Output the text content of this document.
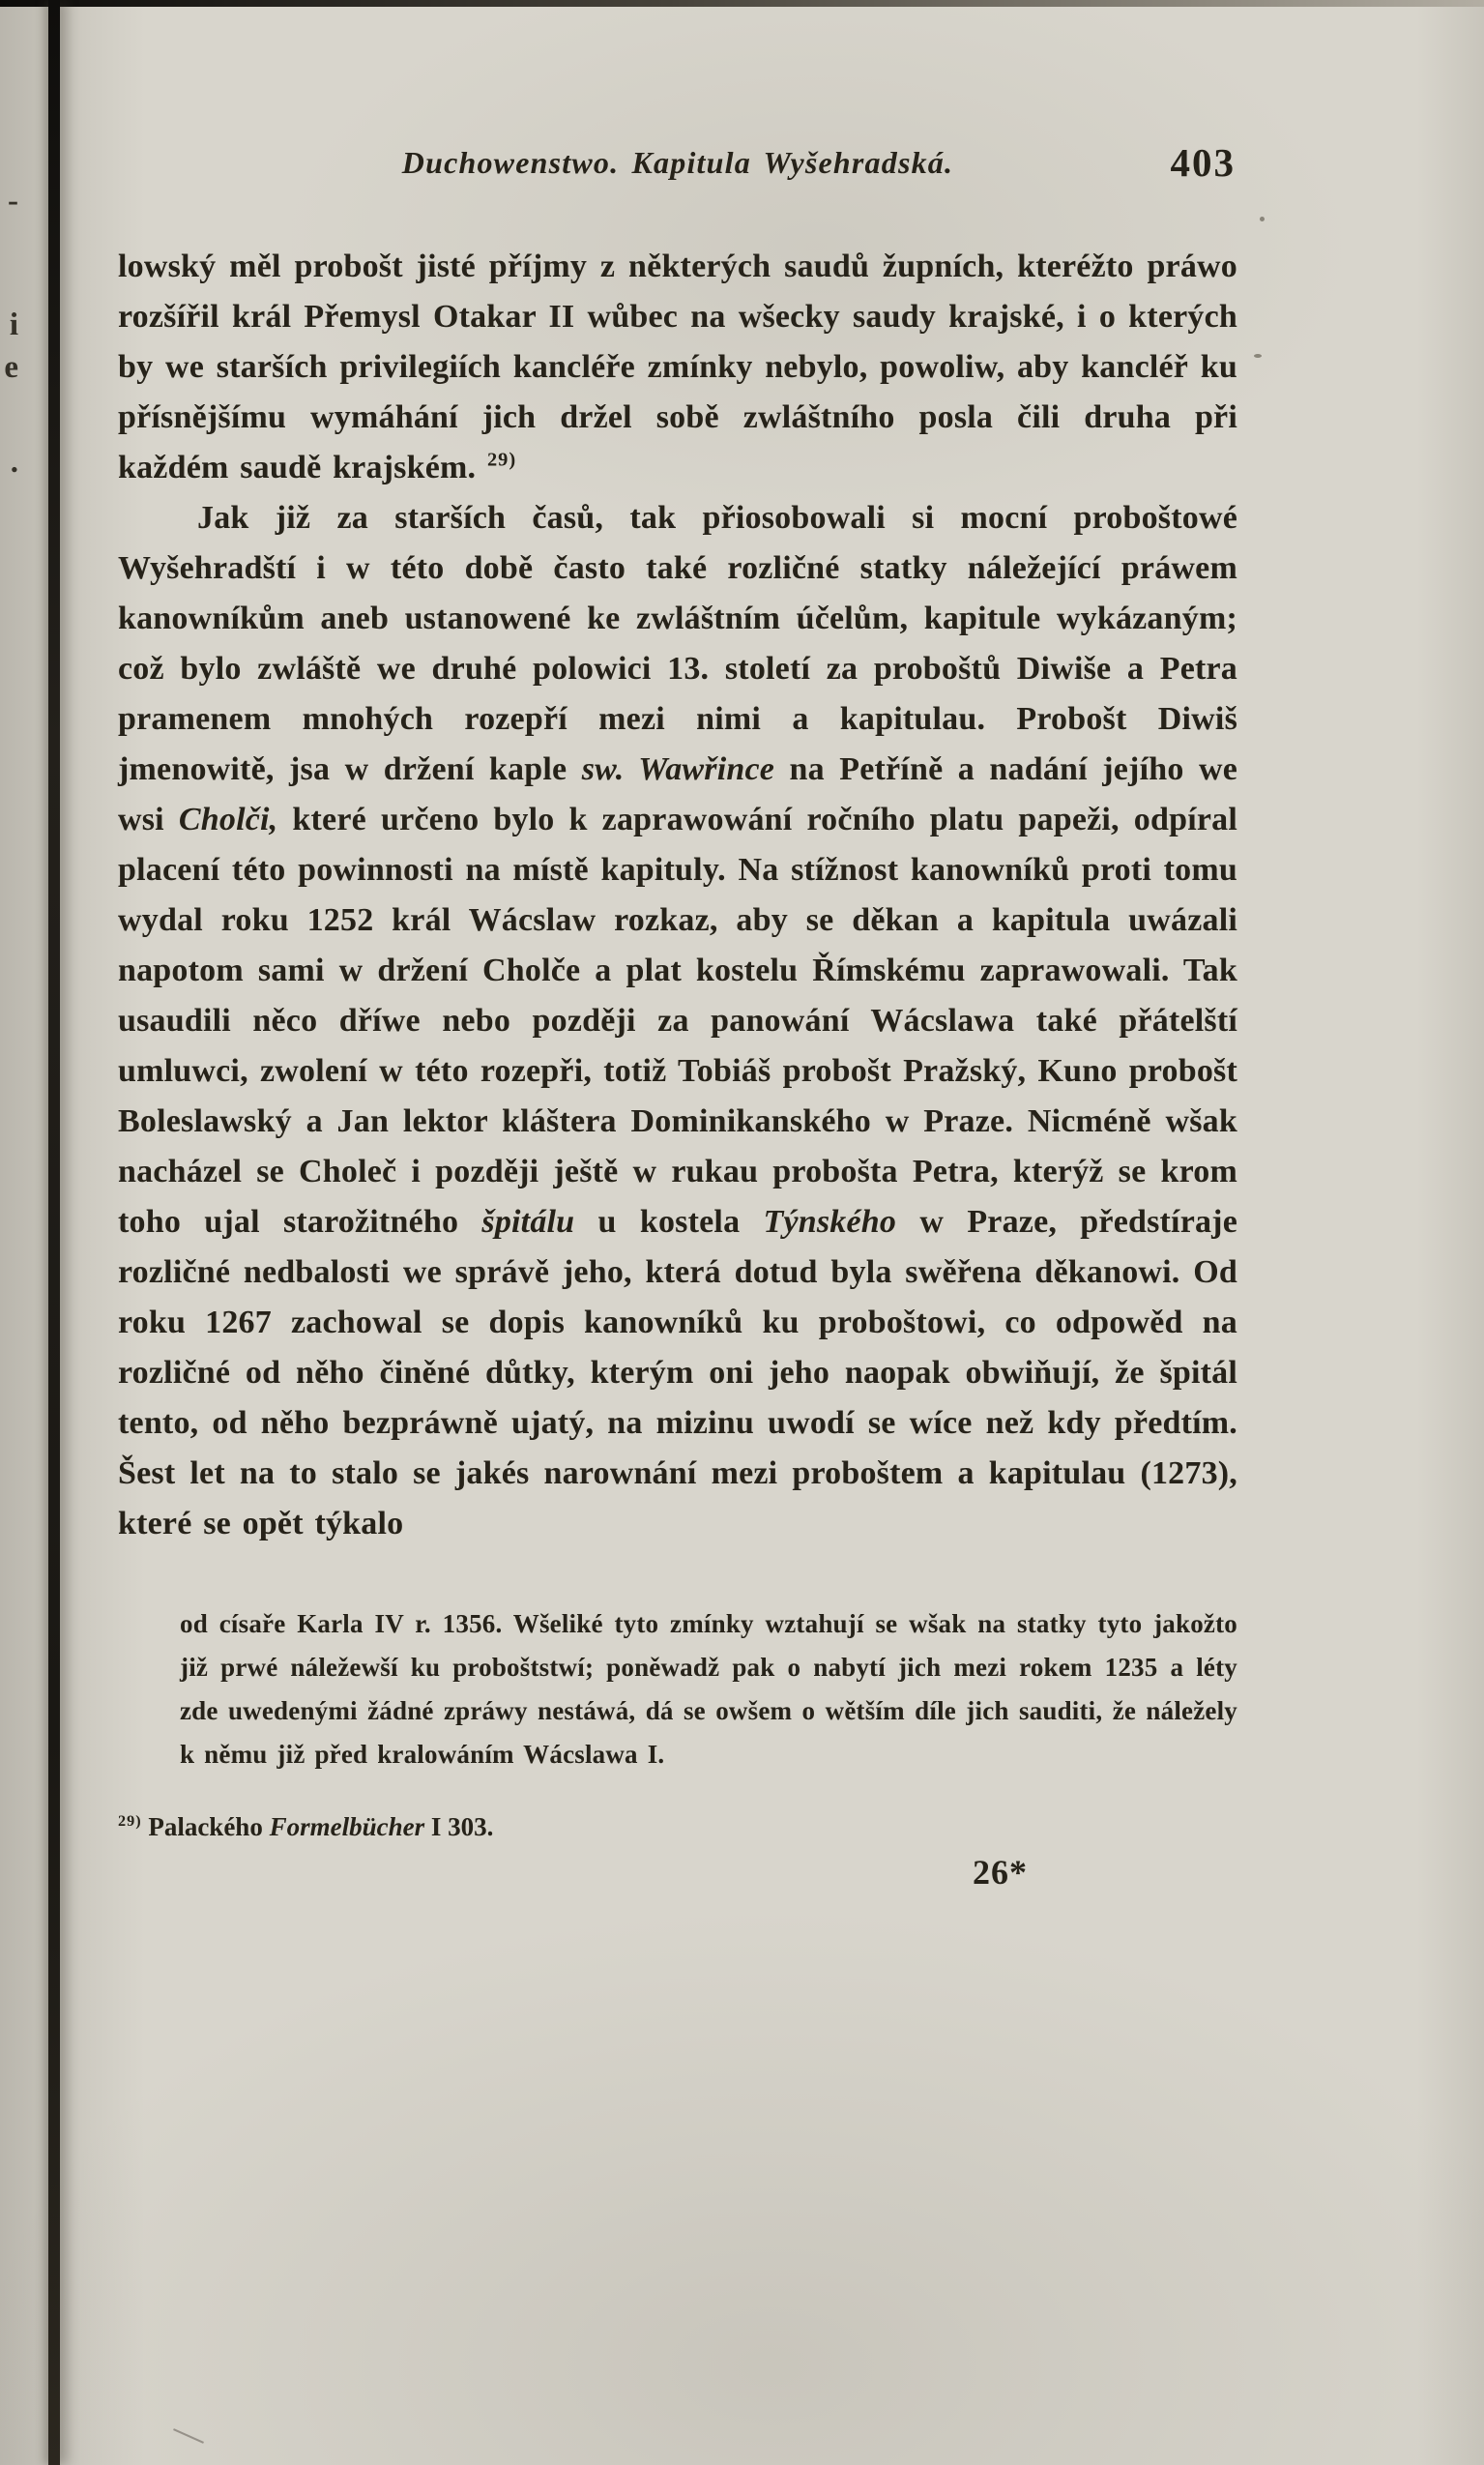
-
i
e
.
Duchowenstwo. Kapitula Wyšehradská.	403

lowský měl probošt jisté příjmy z některých saudů župních, kteréžto práwo rozšířil král Přemysl Otakar II wůbec na wšecky saudy krajské, i o kterých by we starších privilegiích kancléře zmínky nebylo, powoliw, aby kancléř ku přísnějšímu wymáhání jich držel sobě zwláštního posla čili druha při každém saudě krajském. $^{29)}$

Jak již za starších časů, tak přiosobowali si mocní proboštowé Wyšehradští i w této době často také rozličné statky náležející práwem kanowníkům aneb ustanowené ke zwláštním účelům, kapitule wykázaným; což bylo zwláště we druhé polowici 13. století za proboštů Diwiše a Petra pramenem mnohých rozepří mezi nimi a kapitulau. Probošt Diwiš jmenowitě, jsa w držení kaple sw. Wawřince na Petříně a nadání jejího we wsi Cholči, které určeno bylo k zaprawowání ročního platu papeži, odpíral placení této powinnosti na místě kapituly. Na stížnost kanowníků proti tomu wydal roku 1252 král Wácslaw rozkaz, aby se děkan a kapitula uwázali napotom sami w držení Cholče a plat kostelu Římskému zaprawowali. Tak usaudili něco dříwe nebo později za panowání Wácslawa také přátelští umluwci, zwolení w této rozepři, totiž Tobiáš probošt Pražský, Kuno probošt Boleslawský a Jan lektor kláštera Dominikanského w Praze. Nicméně wšak nacházel se Choleč i později ještě w rukau probošta Petra, kterýž se krom toho ujal starožitného špitálu u kostela Týnského w Praze, předstíraje rozličné nedbalosti we správě jeho, která dotud byla swěřena děkanowi. Od roku 1267 zachowal se dopis kanowníků ku proboštowi, co odpowěd na rozličné od něho činěné důtky, kterým oni jeho naopak obwiňují, že špitál tento, od něho bezpráwně ujatý, na mizinu uwodí se wíce než kdy předtím. Šest let na to stalo se jakés narownání mezi proboštem a kapitulau (1273), které se opět týkalo

od císaře Karla IV r. 1356. Wšeliké tyto zmínky wztahují se wšak na statky tyto jakožto již prwé náležewší ku proboštstwí; poněwadž pak o nabytí jich mezi rokem 1235 a léty zde uwedenými žádné zpráwy nestáwá, dá se owšem o wětším díle jich sauditi, že náležely k němu již před kralowáním Wácslawa I.

$^{29)}$ Palackého Formelbücher I 303.

26*
